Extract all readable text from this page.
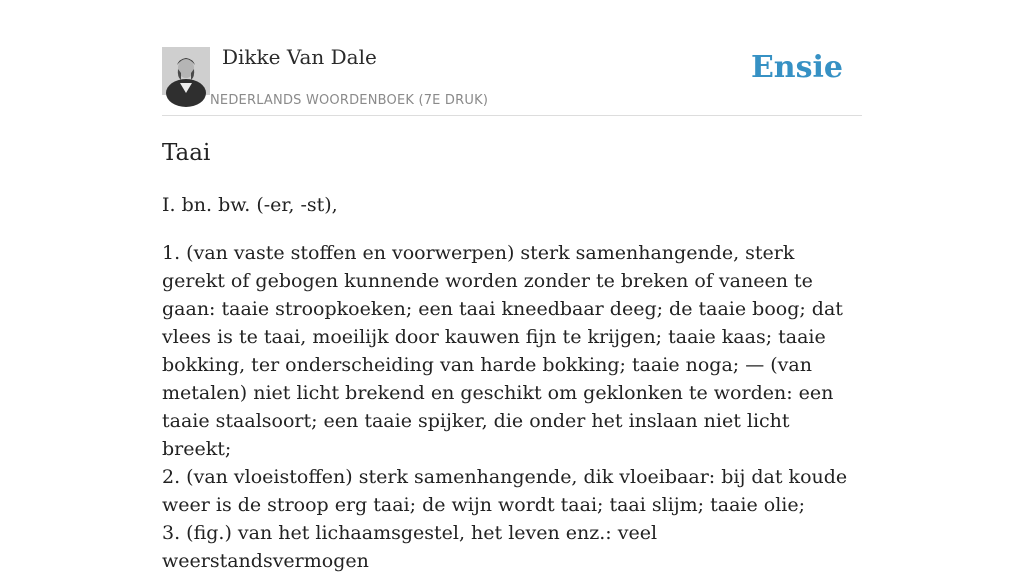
Dikke Van Dale
NEDERLANDS WOORDENBOEK (7E DRUK)
Ensie
Taai
I. bn. bw. (-er, -st),
1. (van vaste stoffen en voorwerpen) sterk samenhangende, sterk gerekt of gebogen kunnende worden zonder te breken of vaneen te gaan: taaie stroopkoeken; een taai kneedbaar deeg; de taaie boog; dat vlees is te taai, moeilijk door kauwen fijn te krijgen; taaie kaas; taaie bokking, ter onderscheiding van harde bokking; taaie noga; — (van metalen) niet licht brekend en geschikt om geklonken te worden: een taaie staalsoort; een taaie spijker, die onder het inslaan niet licht breekt;
2. (van vloeistoffen) sterk samenhangende, dik vloeibaar: bij dat koude weer is de stroop erg taai; de wijn wordt taai; taai slijm; taaie olie;
3. (fig.) van het lichaamsgestel, het leven enz.: veel weerstandsvermogen
